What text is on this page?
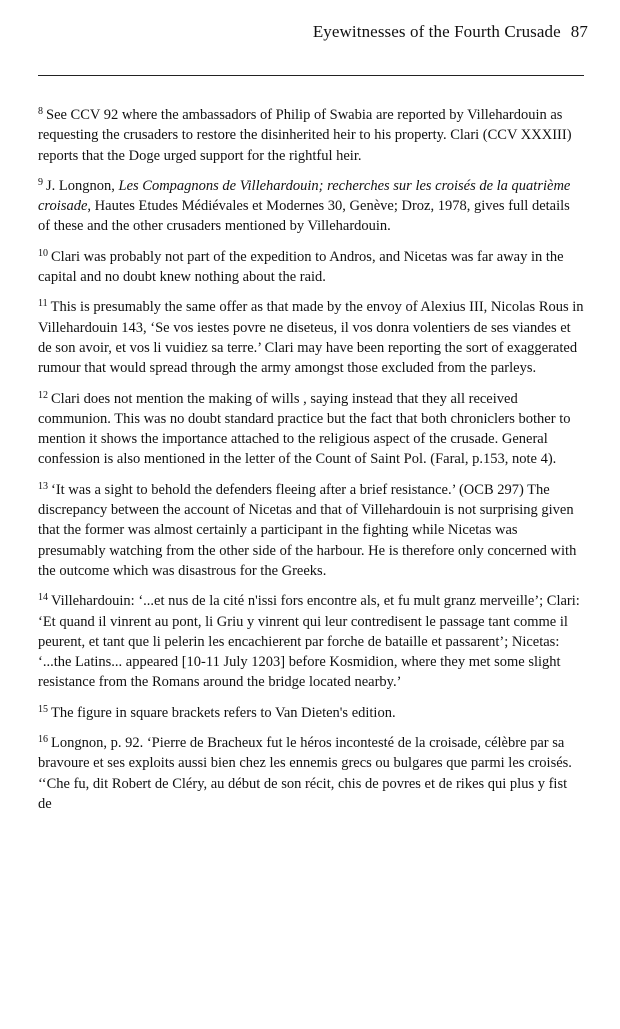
Eyewitnesses of the Fourth Crusade 87

$^8$ See CCV 92 where the ambassadors of Philip of Swabia are reported by Villehardouin as requesting the crusaders to restore the disinherited heir to his property. Clari (CCV XXXIII) reports that the Doge urged support for the rightful heir.

$^9$ J. Longnon, Les Compagnons de Villehardouin; recherches sur les croisés de la quatrième croisade, Hautes Etudes Médiévales et Modernes 30, Genève; Droz, 1978, gives full details of these and the other crusaders mentioned by Villehardouin.

$^{10}$ Clari was probably not part of the expedition to Andros, and Nicetas was far away in the capital and no doubt knew nothing about the raid.

$^{11}$ This is presumably the same offer as that made by the envoy of Alexius III, Nicolas Rous in Villehardouin 143, ‘Se vos iestes povre ne diseteus, il vos donra volentiers de ses viandes et de son avoir, et vos li vuidiez sa terre.’ Clari may have been reporting the sort of exaggerated rumour that would spread through the army amongst those excluded from the parleys.

$^{12}$ Clari does not mention the making of wills , saying instead that they all received communion. This was no doubt standard practice but the fact that both chroniclers bother to mention it shows the importance attached to the religious aspect of the crusade. General confession is also mentioned in the letter of the Count of Saint Pol. (Faral, p.153, note 4).

$^{13}$ ‘It was a sight to behold the defenders fleeing after a brief resistance.’ (OCB 297) The discrepancy between the account of Nicetas and that of Villehardouin is not surprising given that the former was almost certainly a participant in the fighting while Nicetas was presumably watching from the other side of the harbour. He is therefore only concerned with the outcome which was disastrous for the Greeks.

$^{14}$ Villehardouin: ‘...et nus de la cité n'issi fors encontre als, et fu mult granz merveille’; Clari: ‘Et quand il vinrent au pont, li Griu y vinrent qui leur contredisent le passage tant comme il peurent, et tant que li pelerin les encachierent par forche de bataille et passarent’; Nicetas: ‘...the Latins... appeared [10-11 July 1203] before Kosmidion, where they met some slight resistance from the Romans around the bridge located nearby.’

$^{15}$ The figure in square brackets refers to Van Dieten's edition.

$^{16}$ Longnon, p. 92. ‘Pierre de Bracheux fut le héros incontesté de la croisade, célèbre par sa bravoure et ses exploits aussi bien chez les ennemis grecs ou bulgares que parmi les croisés. ‘‘Che fu, dit Robert de Cléry, au début de son récit, chis de povres et de rikes qui plus y fist de
